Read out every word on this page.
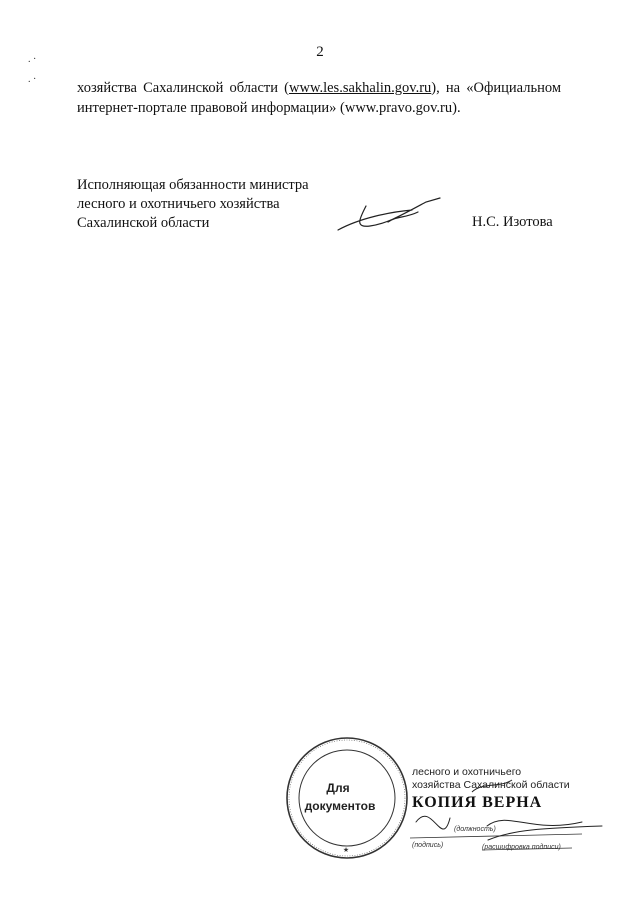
. ·
. ·
2
хозяйства Сахалинской области (www.les.sakhalin.gov.ru), на «Официальном интернет-портале правовой информации» (www.pravo.gov.ru).
Исполняющая обязанности министра
лесного и охотничьего хозяйства
Сахалинской области	Н.С. Изотова
Для
документов
★
лесного и охотничьего
хозяйства Сахалинской области
КОПИЯ ВЕРНА
(должность)
(подпись)	(расшифровка подписи)
